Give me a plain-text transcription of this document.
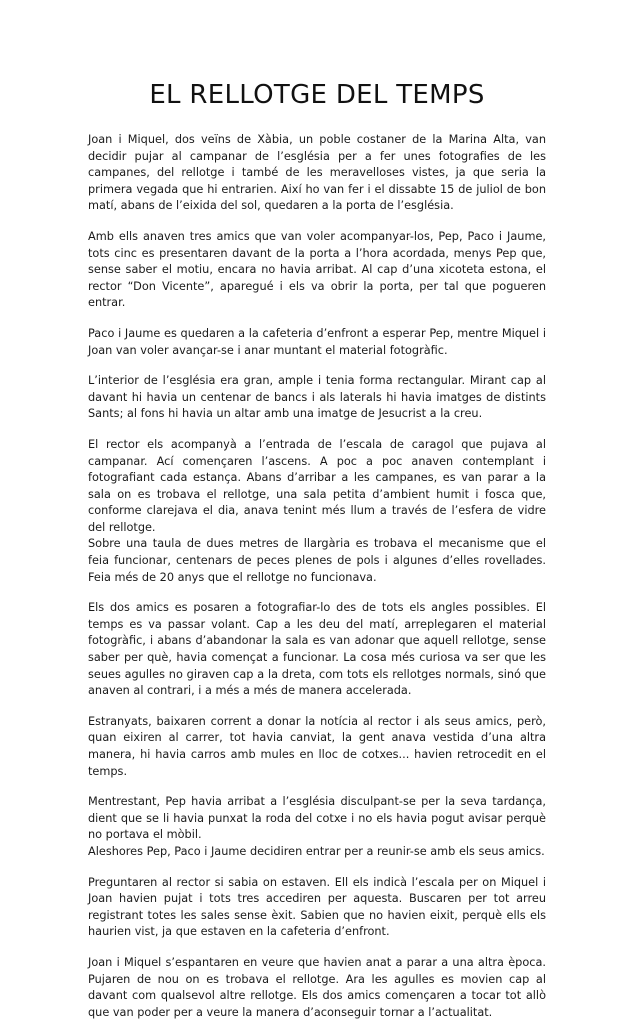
EL RELLOTGE DEL TEMPS
Joan i Miquel, dos veïns de Xàbia, un poble costaner de la Marina Alta, van decidir pujar al campanar de l’església per a fer unes fotografies de les campanes, del rellotge i també de les meravelloses vistes, ja que seria la primera vegada que hi entrarien. Així ho van fer i el dissabte 15 de juliol de bon matí, abans de l’eixida del sol, quedaren a la porta de l’església.
Amb ells anaven tres amics que van voler acompanyar-los, Pep, Paco i Jaume, tots cinc es presentaren davant de la porta a l’hora acordada, menys Pep que, sense saber el motiu, encara no havia arribat. Al cap d’una xicoteta estona, el rector “Don Vicente”, aparegué i els va obrir la porta, per tal que pogueren entrar.
Paco i Jaume es quedaren a la cafeteria d’enfront a esperar Pep, mentre Miquel i Joan van voler avançar-se i anar muntant el material fotogràfic.
L’interior de l’església era gran, ample i tenia forma rectangular. Mirant cap al davant hi havia un centenar de bancs i als laterals hi havia imatges de distints Sants; al fons hi havia un altar amb una imatge de Jesucrist a la creu.
El rector els acompanyà a l’entrada de l’escala de caragol que pujava al campanar. Ací començaren l’ascens. A poc a poc anaven contemplant i fotografiant cada estança. Abans d’arribar a les campanes, es van parar a la sala on es trobava el rellotge, una sala petita d’ambient humit i fosca que, conforme clarejava el dia, anava tenint més llum a través de l’esfera de vidre del rellotge.
Sobre una taula de dues metres de llargària es trobava el mecanisme que el feia funcionar, centenars de peces plenes de pols i algunes d’elles rovellades. Feia més de 20 anys que el rellotge no funcionava.
Els dos amics es posaren a fotografiar-lo des de tots els angles possibles. El temps es va passar volant. Cap a les deu del matí, arreplegaren el material fotogràfic, i abans d’abandonar la sala es van adonar que aquell rellotge, sense saber per què, havia començat a funcionar. La cosa més curiosa va ser que les seues agulles no giraven cap a la dreta, com tots els rellotges normals, sinó que anaven al contrari, i a més a més de manera accelerada.
Estranyats, baixaren corrent a donar la notícia al rector i als seus amics, però, quan eixiren al carrer, tot havia canviat, la gent anava vestida d’una altra manera, hi havia carros amb mules en lloc de cotxes... havien retrocedit en el temps.
Mentrestant, Pep havia arribat a l’església disculpant-se per la seva tardança, dient que se li havia punxat la roda del cotxe i no els havia pogut avisar perquè no portava el mòbil.
Aleshores Pep, Paco i Jaume decidiren entrar per a reunir-se amb els seus amics.
Preguntaren al rector si sabia on estaven. Ell els indicà l’escala per on Miquel i Joan havien pujat i tots tres accediren per aquesta. Buscaren per tot arreu registrant totes les sales sense èxit. Sabien que no havien eixit, perquè ells els haurien vist, ja que estaven en la cafeteria d’enfront.
Joan i Miquel s’espantaren en veure que havien anat a parar a una altra època. Pujaren de nou on es trobava el rellotge. Ara les agulles es movien cap al davant com qualsevol altre rellotge. Els dos amics començaren a tocar tot allò que van poder per a veure la manera d’aconseguir tornar a l’actualitat.
